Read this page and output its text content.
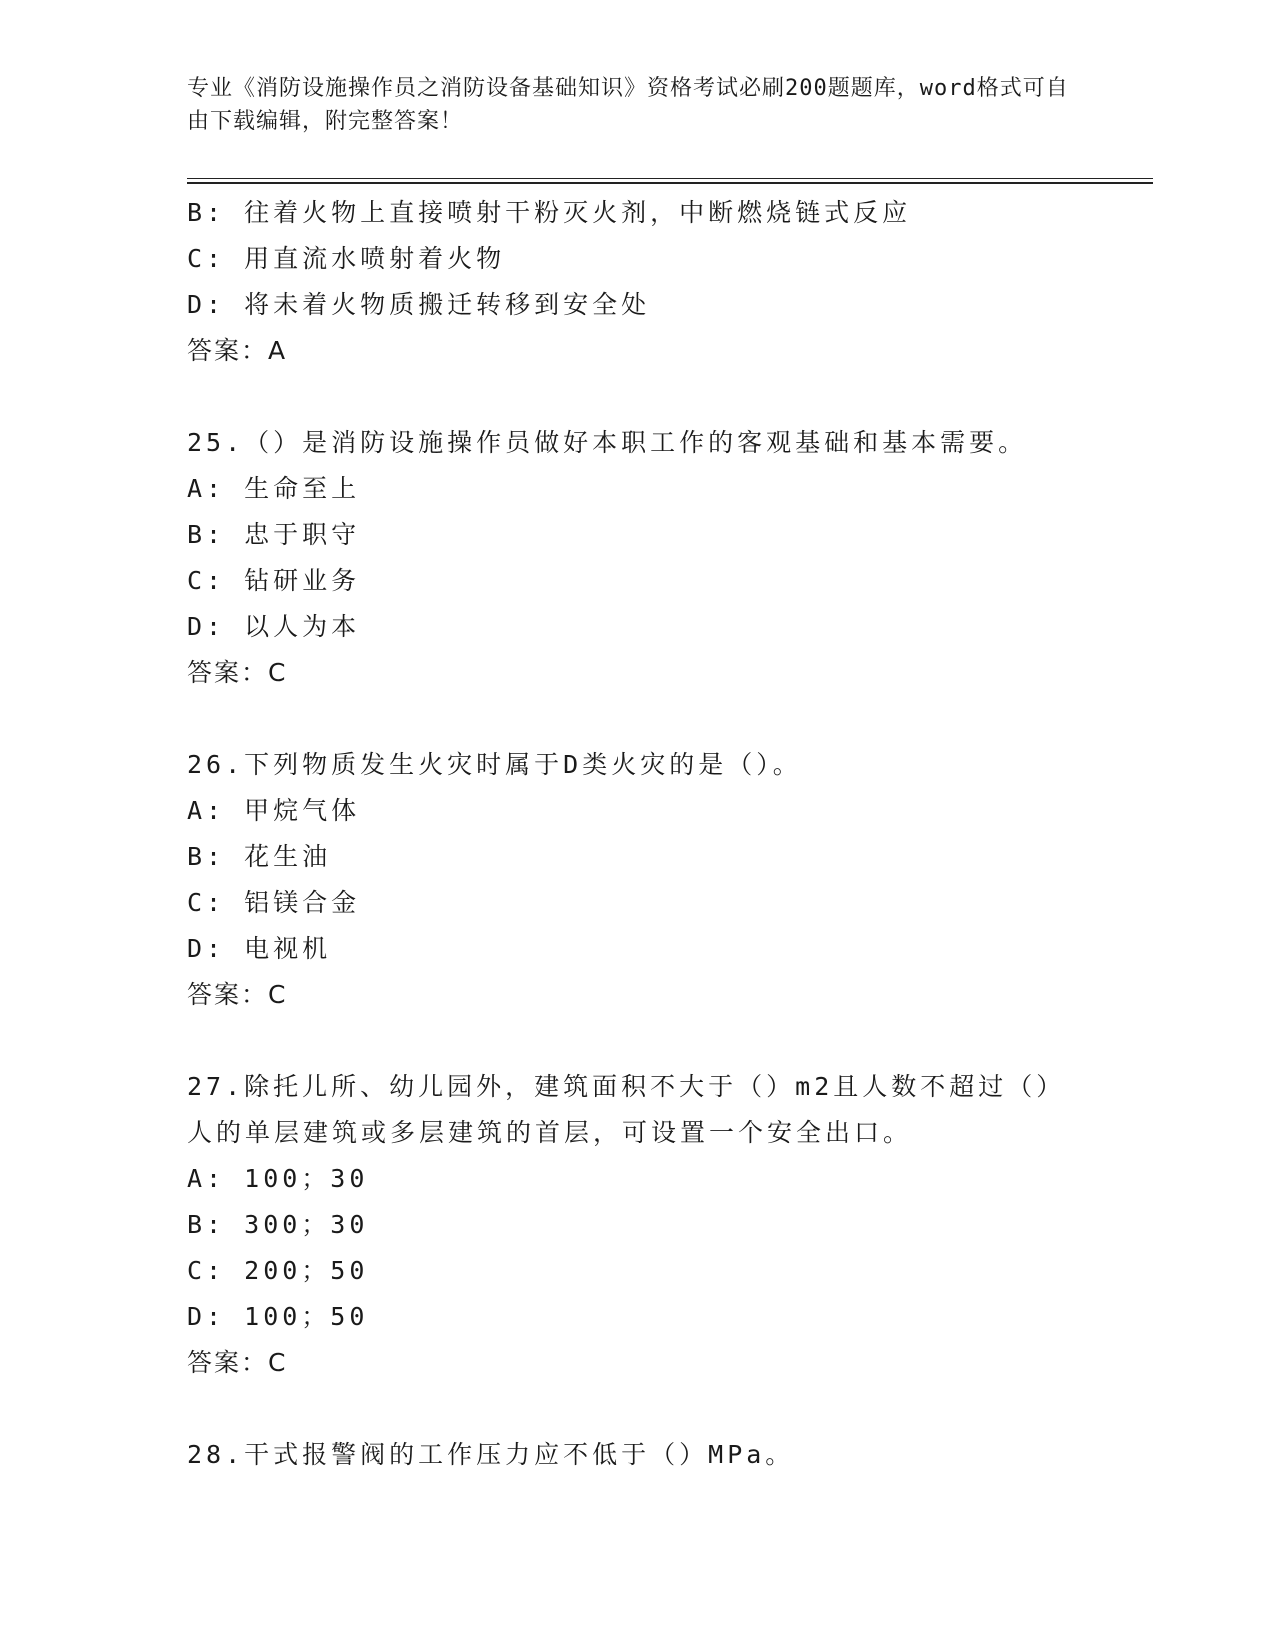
专业《消防设施操作员之消防设备基础知识》资格考试必刷200题题库，word格式可自由下载编辑，附完整答案！
B: 往着火物上直接喷射干粉灭火剂，中断燃烧链式反应
C: 用直流水喷射着火物
D: 将未着火物质搬迁转移到安全处
答案：A
25.（）是消防设施操作员做好本职工作的客观基础和基本需要。
A: 生命至上
B: 忠于职守
C: 钻研业务
D: 以人为本
答案：C
26.下列物质发生火灾时属于D类火灾的是（）。
A: 甲烷气体
B: 花生油
C: 铝镁合金
D: 电视机
答案：C
27.除托儿所、幼儿园外，建筑面积不大于（）m2且人数不超过（）人的单层建筑或多层建筑的首层，可设置一个安全出口。
A: 100；30
B: 300；30
C: 200；50
D: 100；50
答案：C
28.干式报警阀的工作压力应不低于（）MPa。
